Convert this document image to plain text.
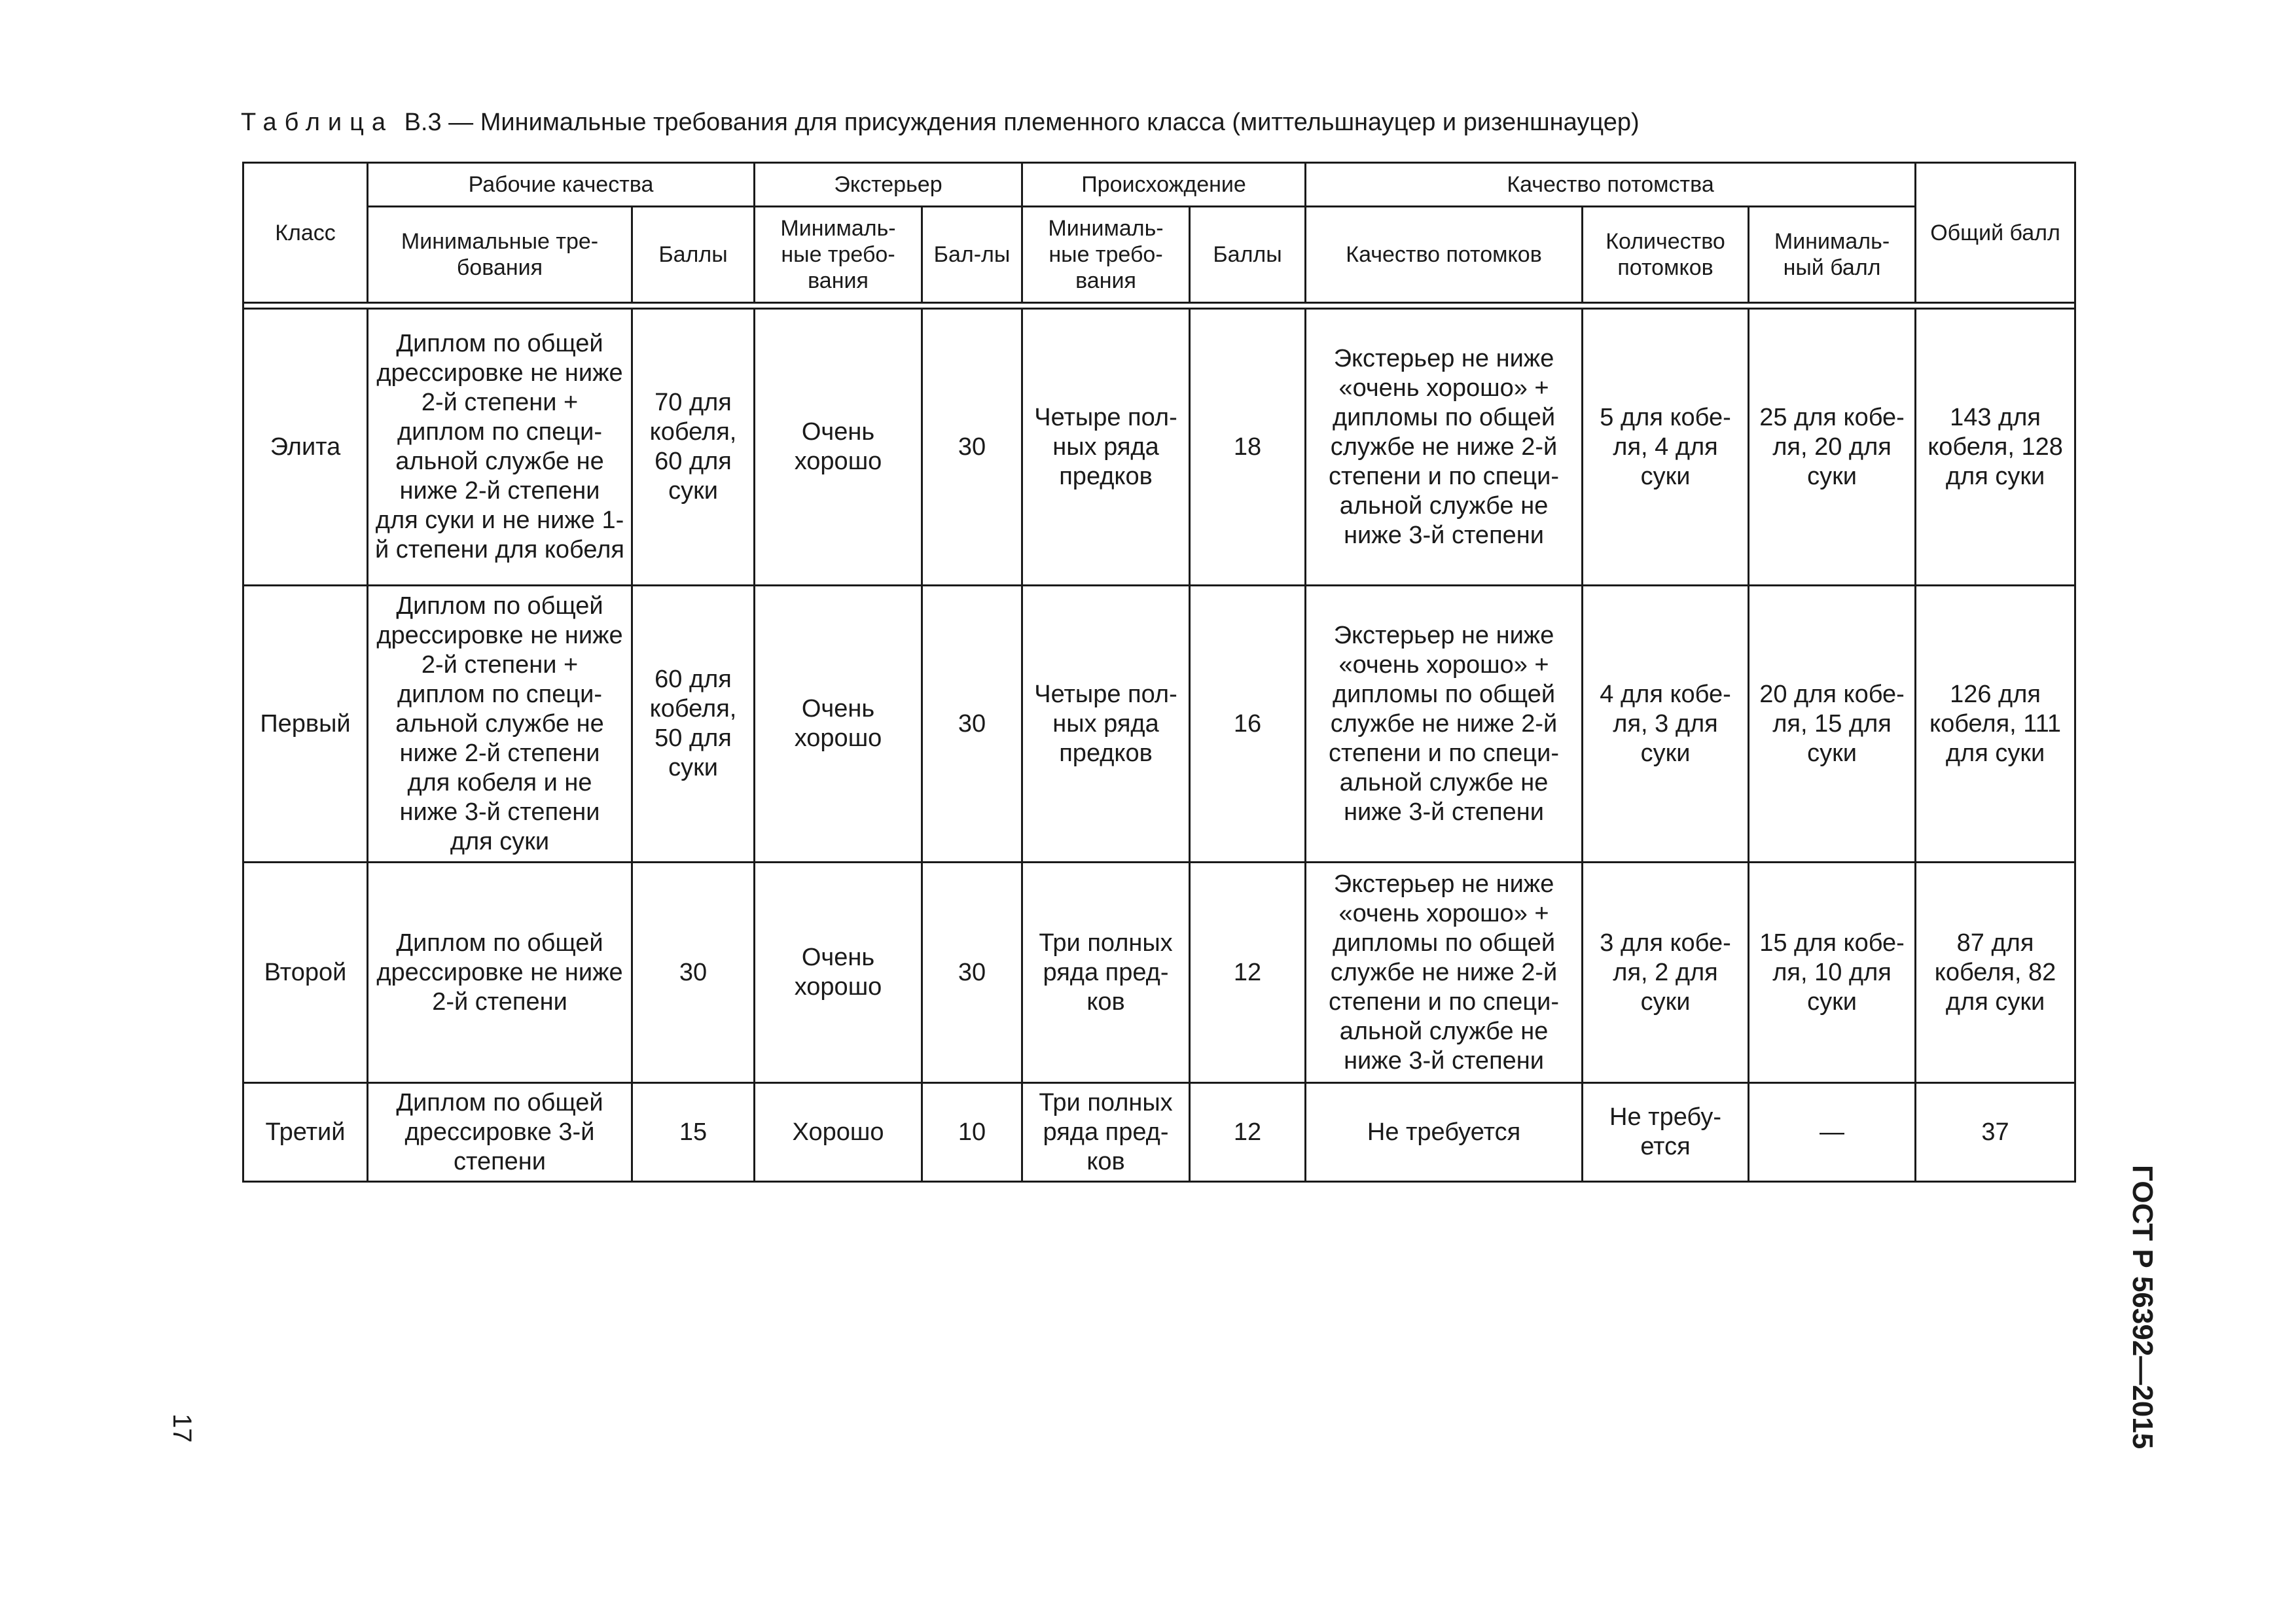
Таблица В.3 — Минимальные требования для присуждения племенного класса (миттельшнауцер и ризеншнауцер)
Класс	Рабочие качества		Экстерьер		Происхождение		Качество потомства			Общий балл
	Минимальные тре-бования	Баллы	Минималь-ные требо-вания	Бал-лы	Минималь-ные требо-вания	Баллы	Качество потомков	Количество потомков	Минималь-ный балл	

Элита	Диплом по общей дрессировке не ниже 2-й степени + диплом по специ-альной службе не ниже 2-й степени для суки и не ниже 1-й степени для кобеля	70 для кобеля, 60 для суки	Очень хорошо	30	Четыре пол-ных ряда предков	18	Экстерьер не ниже «очень хорошо» + дипломы по общей службе не ниже 2-й степени и по специ-альной службе не ниже 3-й степени	5 для кобе-ля, 4 для суки	25 для кобе-ля, 20 для суки	143 для кобеля, 128 для суки
Первый	Диплом по общей дрессировке не ниже 2-й степени + диплом по специ-альной службе не ниже 2-й степени для кобеля и не ниже 3-й степени для суки	60 для кобеля, 50 для суки	Очень хорошо	30	Четыре пол-ных ряда предков	16	Экстерьер не ниже «очень хорошо» + дипломы по общей службе не ниже 2-й степени и по специ-альной службе не ниже 3-й степени	4 для кобе-ля, 3 для суки	20 для кобе-ля, 15 для суки	126 для кобеля, 111 для суки
Второй	Диплом по общей дрессировке не ниже 2-й степени	30	Очень хорошо	30	Три полных ряда пред-ков	12	Экстерьер не ниже «очень хорошо» + дипломы по общей службе не ниже 2-й степени и по специ-альной службе не ниже 3-й степени	3 для кобе-ля, 2 для суки	15 для кобе-ля, 10 для суки	87 для кобеля, 82 для суки
Третий	Диплом по общей дрессировке 3-й степени	15	Хорошо	10	Три полных ряда пред-ков	12	Не требуется	Не требу-ется	—	37
17	ГОСТ Р 56392—2015
